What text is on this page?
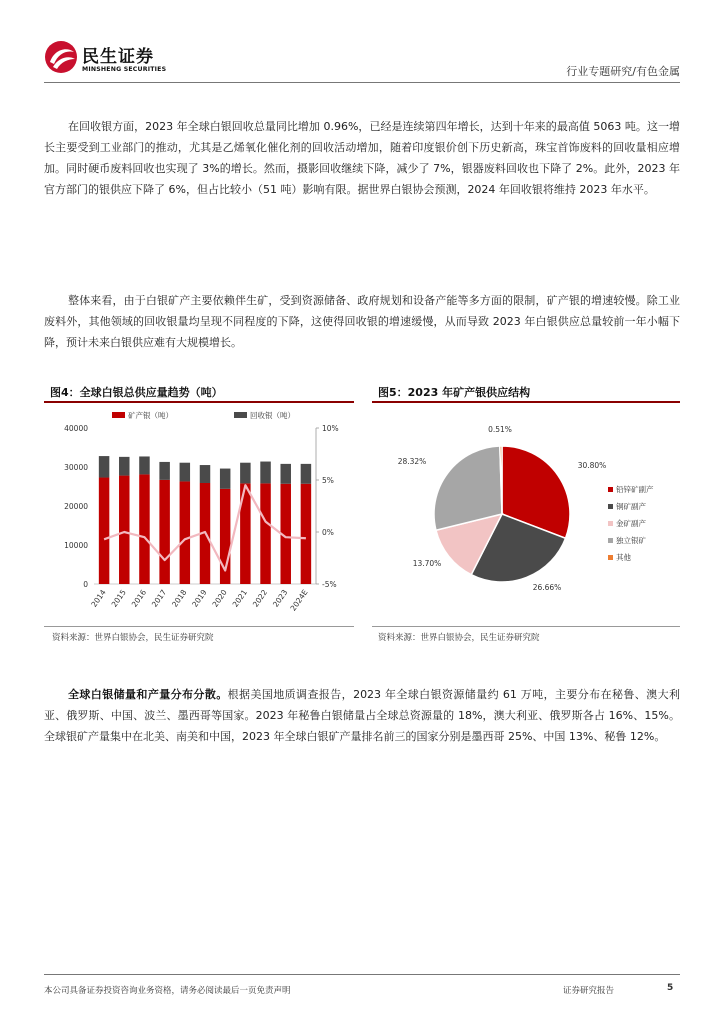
民生证券
MINSHENG SECURITIES	行业专题研究/有色金属

在回收银方面，2023 年全球白银回收总量同比增加 0.96%，已经是连续第四年增长，达到十年来的最高值 5063 吨。这一增长主要受到工业部门的推动，尤其是乙烯氧化催化剂的回收活动增加，随着印度银价创下历史新高，珠宝首饰废料的回收量相应增加。同时硬币废料回收也实现了 3%的增长。然而，摄影回收继续下降，减少了 7%，银器废料回收也下降了 2%。此外，2023 年官方部门的银供应下降了 6%，但占比较小（51 吨）影响有限。据世界白银协会预测，2024 年回收银将维持 2023 年水平。

整体来看，由于白银矿产主要依赖伴生矿，受到资源储备、政府规划和设备产能等多方面的限制，矿产银的增速较慢。除工业废料外，其他领域的回收银量均呈现不同程度的下降，这使得回收银的增速缓慢，从而导致 2023 年白银供应总量较前一年小幅下降，预计未来白银供应难有大规模增长。

图4：全球白银总供应量趋势（吨）
矿产银（吨）	回收银（吨）
40000
30000
20000
10000
0
10%
5%
0%
-5%
2014 2015 2016 2017 2018 2019 2020 2021 2022 2023 2024E
资料来源：世界白银协会，民生证券研究院
图5：2023 年矿产银供应结构
30.80%
26.66%
13.70%
28.32%
0.51%
铅锌矿副产
铜矿副产
金矿副产
独立银矿
其他
资料来源：世界白银协会，民生证券研究院

全球白银储量和产量分布分散。根据美国地质调查报告，2023 年全球白银资源储量约 61 万吨，主要分布在秘鲁、澳大利亚、俄罗斯、中国、波兰、墨西哥等国家。2023 年秘鲁白银储量占全球总资源量的 18%，澳大利亚、俄罗斯各占 16%、15%。全球银矿产量集中在北美、南美和中国，2023 年全球白银矿产量排名前三的国家分别是墨西哥 25%、中国 13%、秘鲁 12%。

本公司具备证券投资咨询业务资格，请务必阅读最后一页免责声明	证券研究报告	5
